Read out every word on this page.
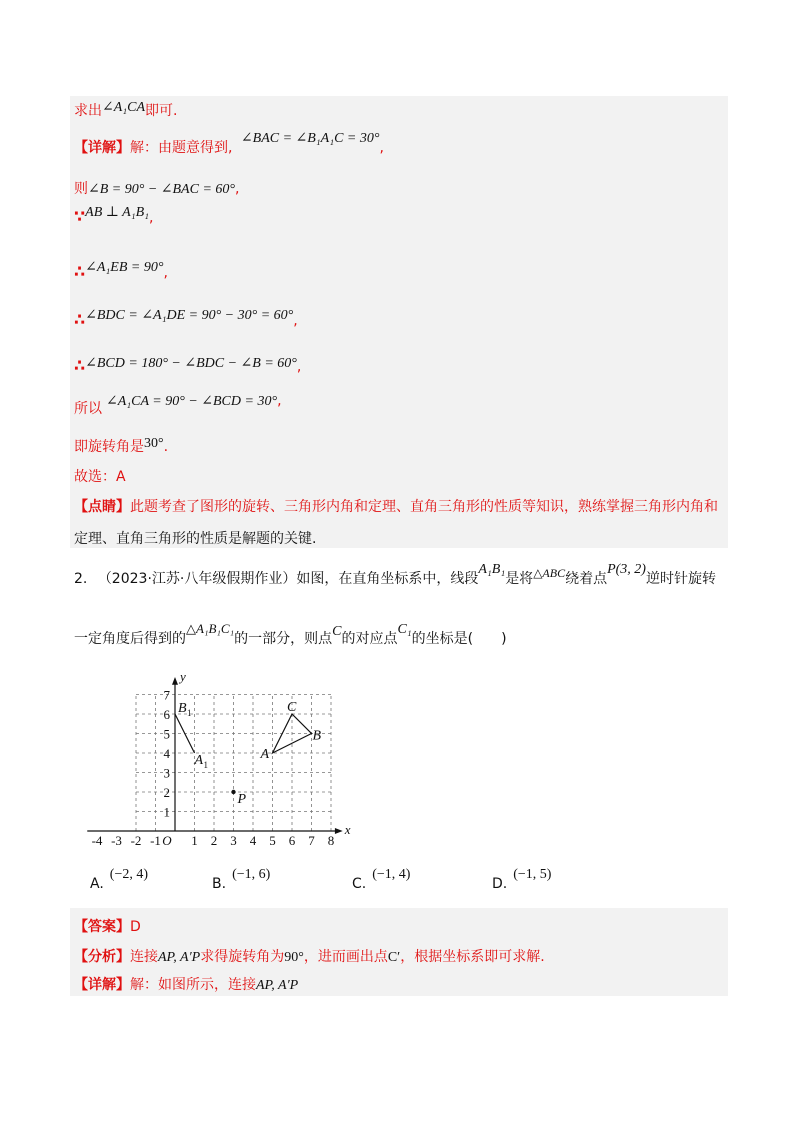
求出∠A₁CA即可.
【详解】解：由题意得到, ∠BAC = ∠B₁A₁C = 30°,
则∠B = 90° − ∠BAC = 60°,
∵AB ⊥ A₁B₁,
∴∠A₁EB = 90°,
∴∠BDC = ∠A₁DE = 90° − 30° = 60°,
∴∠BCD = 180° − ∠BDC − ∠B = 60°,
所以 ∠A₁CA = 90° − ∠BCD = 30°,
即旋转角是30°.
故选：A
【点睛】此题考查了图形的旋转、三角形内角和定理、直角三角形的性质等知识，熟练掌握三角形内角和
定理、直角三角形的性质是解题的关键.
2. （2023·江苏·八年级假期作业）如图，在直角坐标系中，线段A₁B₁是将△ABC绕着点P(3, 2)逆时针旋转
一定角度后得到的△A₁B₁C₁的一部分，则点C的对应点C₁的坐标是(　　)
-4 -3 -2 -1 O 1 2 3 4 5 6 7 8
x
1
2
3
4
5
6
7
y
B 1
A 1
P
A
B
C
A.(−2, 4)
B.(−1, 6)
C.(−1, 4)
D.(−1, 5)
【答案】D
【分析】连接AP, A′P求得旋转角为90°，进而画出点C′，根据坐标系即可求解.
【详解】解：如图所示，连接AP, A′P
